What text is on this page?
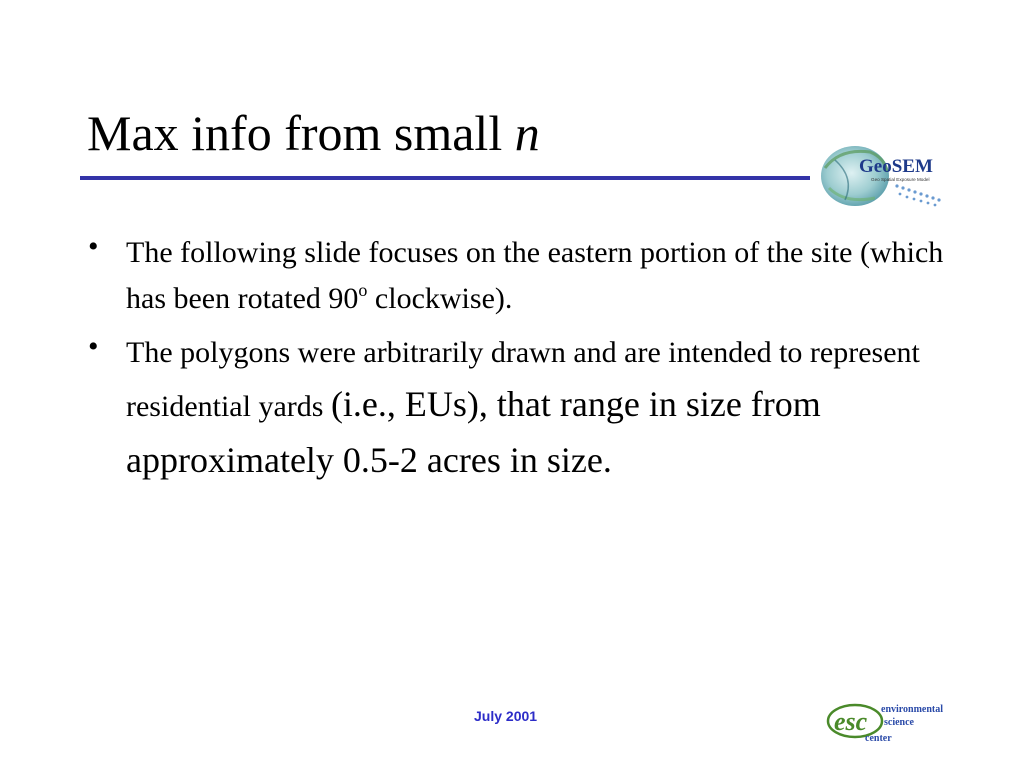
Max info from small n
GeoSEM
Geo Spatial Exposure Model
• The following slide focuses on the eastern portion of the site (which has been rotated 90$^o$ clockwise).
• The polygons were arbitrarily drawn and are intended to represent residential yards (i.e., EUs), that range in size from approximately 0.5-2 acres in size.
July 2001	esc environmental
science
center
